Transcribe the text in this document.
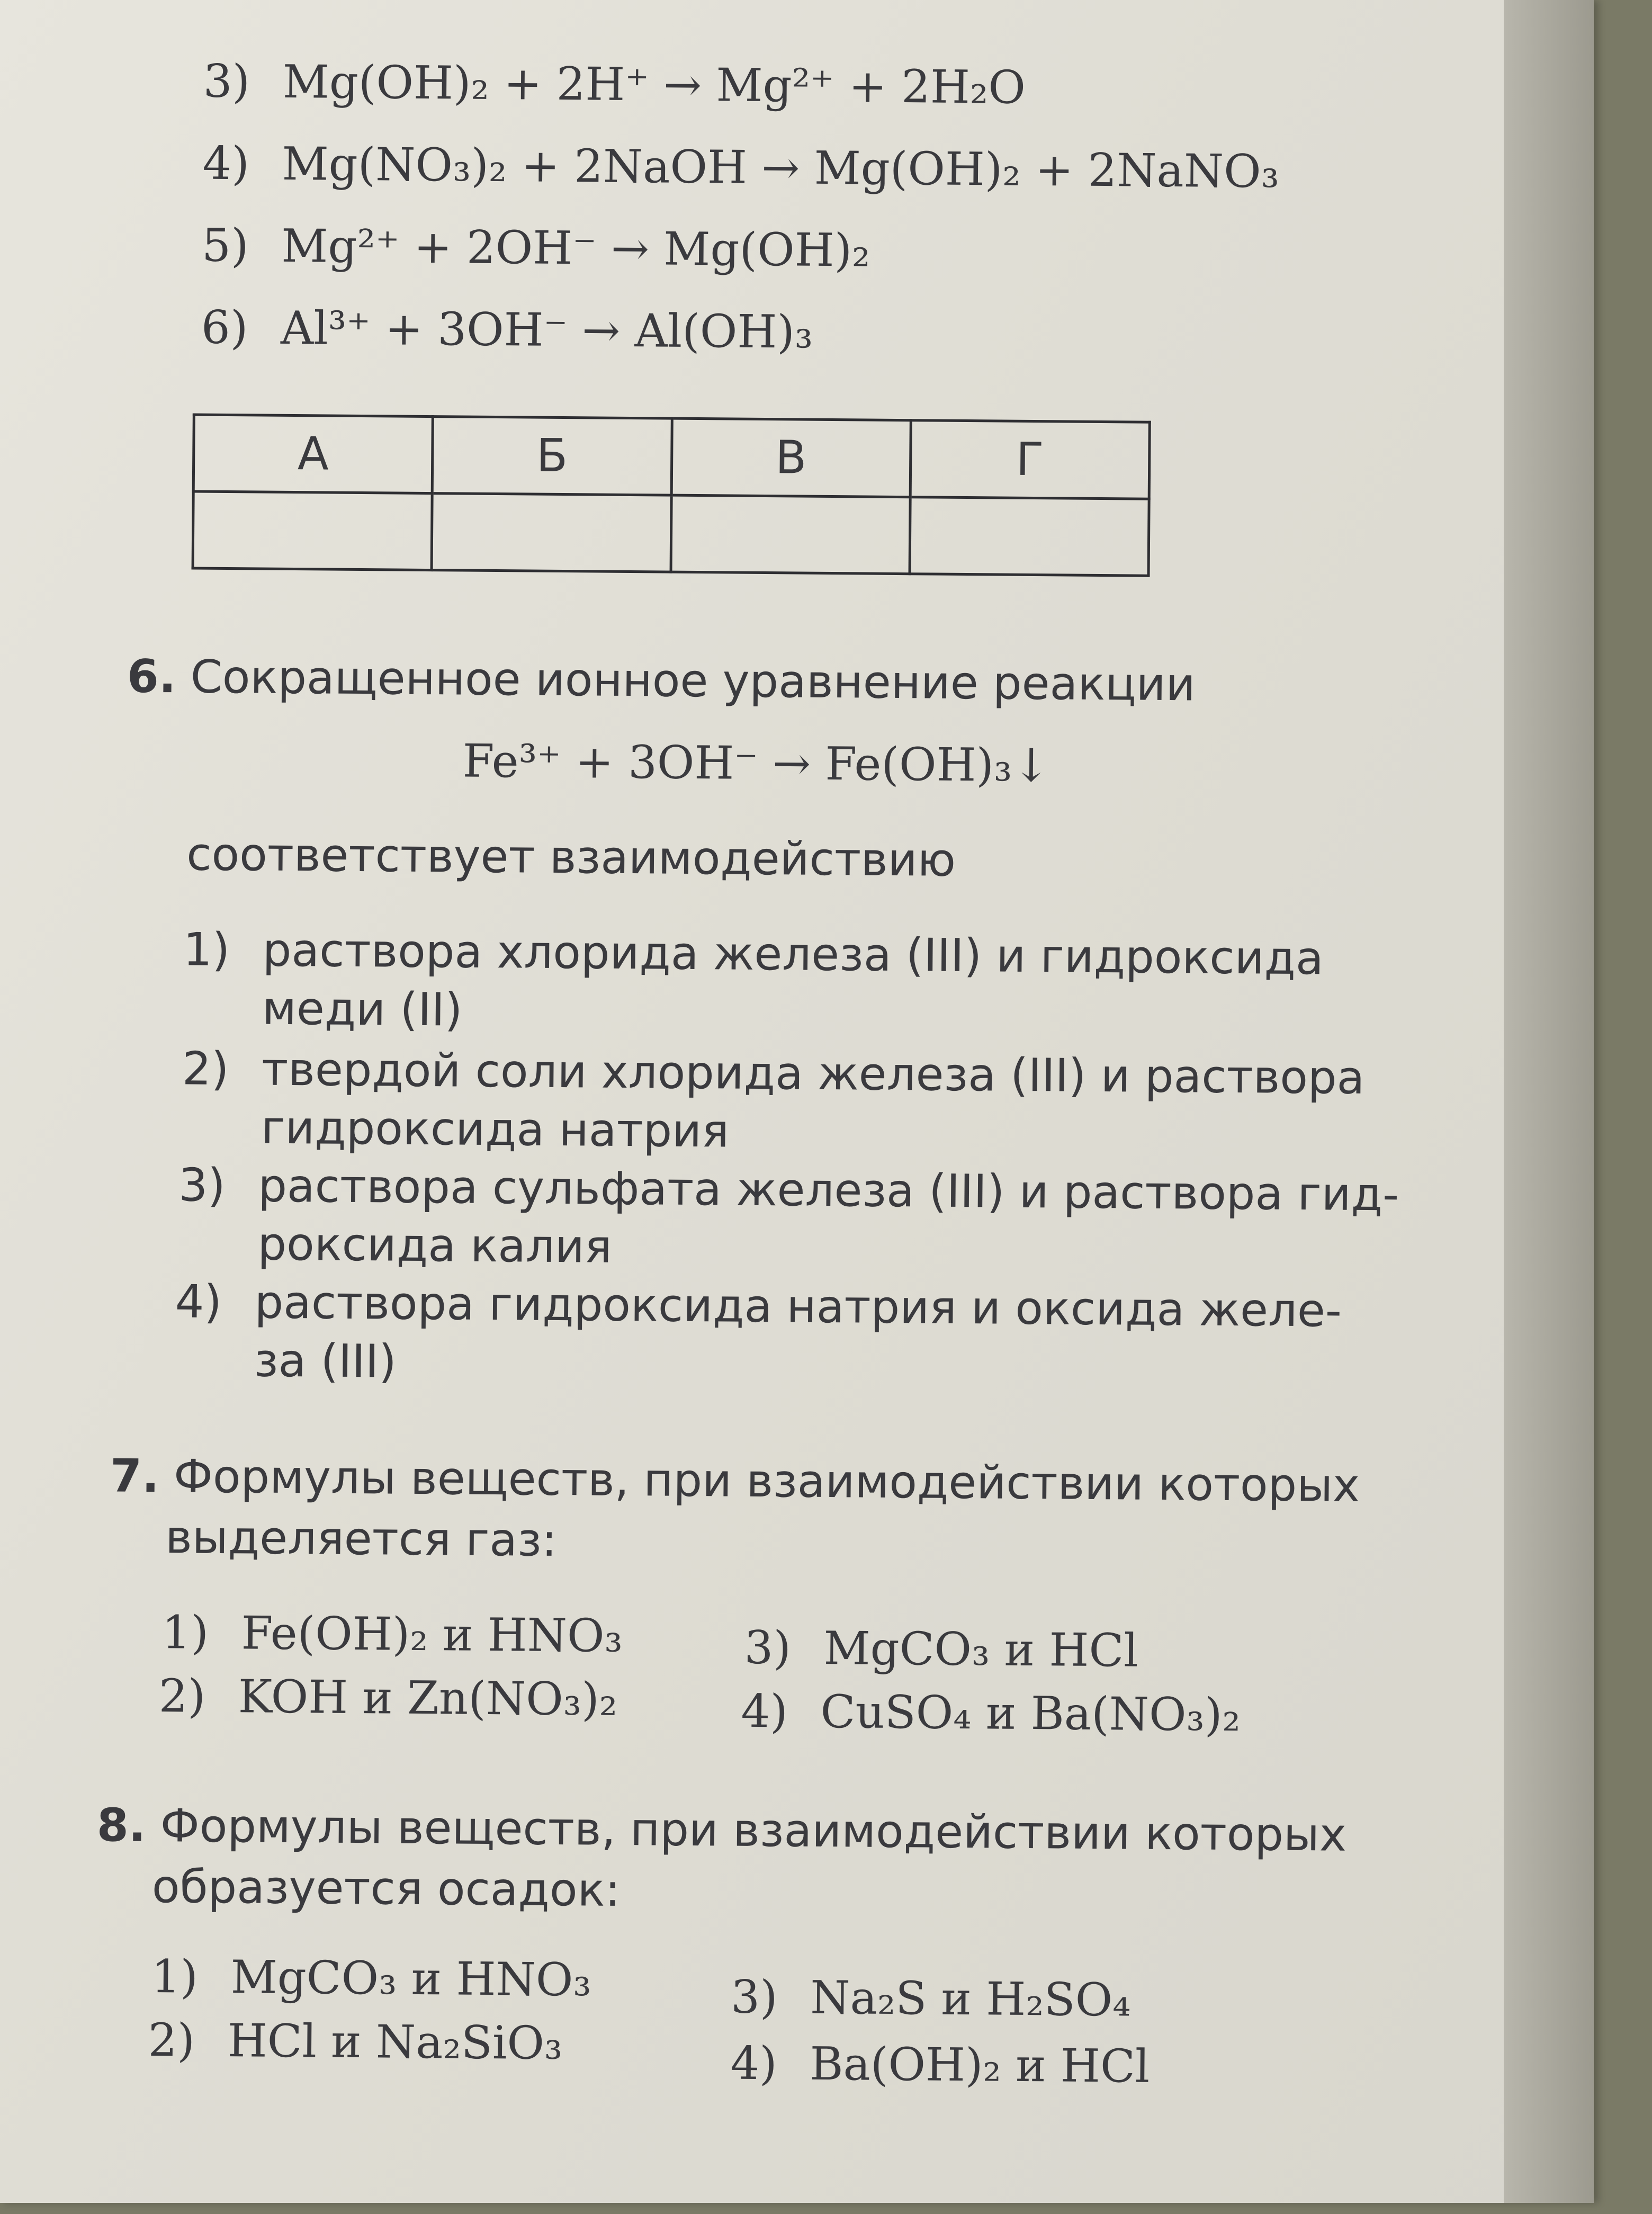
3) Mg(OH)₂ + 2H⁺ → Mg²⁺ + 2H₂O
4) Mg(NO₃)₂ + 2NaOH → Mg(OH)₂ + 2NaNO₃
5) Mg²⁺ + 2OH⁻ → Mg(OH)₂
6) Al³⁺ + 3OH⁻ → Al(OH)₃
А	Б	В	Г

6. Сокращенное ионное уравнение реакции
Fe³⁺ + 3OH⁻ → Fe(OH)₃↓
соответствует взаимодействию
1) раствора хлорида железа (III) и гидроксида
меди (II)
2) твердой соли хлорида железа (III) и раствора
гидроксида натрия
3) раствора сульфата железа (III) и раствора гид-
роксида калия
4) раствора гидроксида натрия и оксида желе-
за (III)
7. Формулы веществ, при взаимодействии которых
выделяется газ:
1) Fe(OH)₂ и HNO₃
2) KOH и Zn(NO₃)₂
3) MgCO₃ и HCl
4) CuSO₄ и Ba(NO₃)₂
8. Формулы веществ, при взаимодействии которых
образуется осадок:
1) MgCO₃ и HNO₃
2) HCl и Na₂SiO₃
3) Na₂S и H₂SO₄
4) Ba(OH)₂ и HCl
